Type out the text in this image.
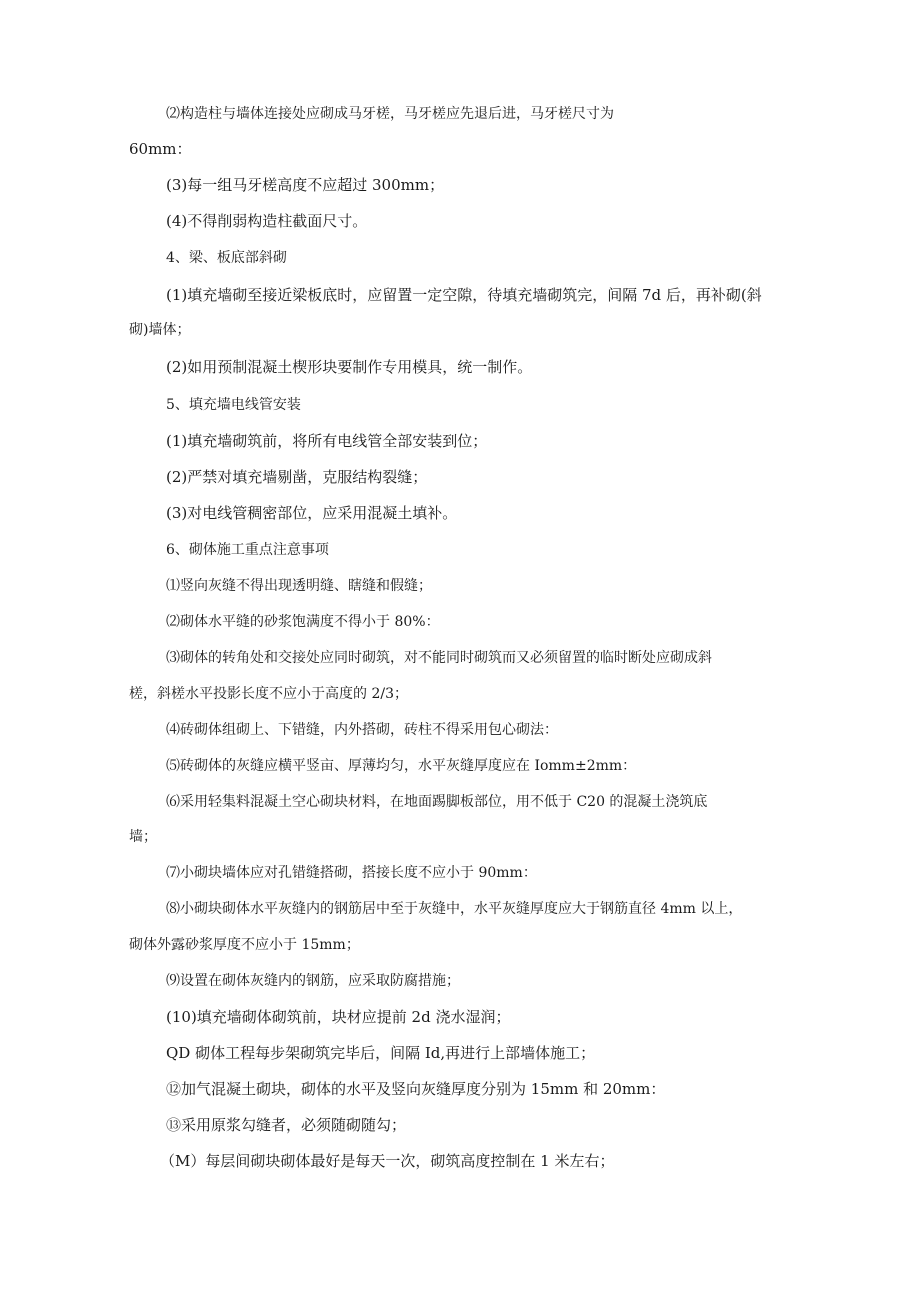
⑵构造柱与墙体连接处应砌成马牙槎，马牙槎应先退后进，马牙槎尺寸为
60mm：
(3)每一组马牙槎高度不应超过 300mm；
(4)不得削弱构造柱截面尺寸。
4、梁、板底部斜砌
(1)填充墙砌至接近梁板底时，应留置一定空隙，待填充墙砌筑完，间隔 7d 后，再补砌(斜
砌)墙体；
(2)如用预制混凝土楔形块要制作专用模具，统一制作。
5、填充墙电线管安装
(1)填充墙砌筑前，将所有电线管全部安装到位；
(2)严禁对填充墙剔凿，克服结构裂缝；
(3)对电线管稠密部位，应采用混凝土填补。
6、砌体施工重点注意事项
⑴竖向灰缝不得出现透明缝、瞎缝和假缝；
⑵砌体水平缝的砂浆饱满度不得小于 80%：
⑶砌体的转角处和交接处应同时砌筑，对不能同时砌筑而又必须留置的临时断处应砌成斜
槎，斜槎水平投影长度不应小于高度的 2/3；
⑷砖砌体组砌上、下错缝，内外搭砌，砖柱不得采用包心砌法：
⑸砖砌体的灰缝应横平竖亩、厚薄均匀，水平灰缝厚度应在 Iomm±2mm：
⑹采用轻集料混凝土空心砌块材料，在地面踢脚板部位，用不低于 C20 的混凝土浇筑底
墙；
⑺小砌块墙体应对孔错缝搭砌，搭接长度不应小于 90mm：
⑻小砌块砌体水平灰缝内的钢筋居中至于灰缝中，水平灰缝厚度应大于钢筋直径 4mm 以上，
砌体外露砂浆厚度不应小于 15mm；
⑼设置在砌体灰缝内的钢筋，应采取防腐措施；
(10)填充墙砌体砌筑前，块材应提前 2d 浇水湿润；
QD 砌体工程每步架砌筑完毕后，间隔 Id,再进行上部墙体施工；
⑫加气混凝土砌块，砌体的水平及竖向灰缝厚度分别为 15mm 和 20mm：
⑬采用原浆勾缝者，必须随砌随勾；
（M）每层间砌块砌体最好是每天一次，砌筑高度控制在 1 米左右；
